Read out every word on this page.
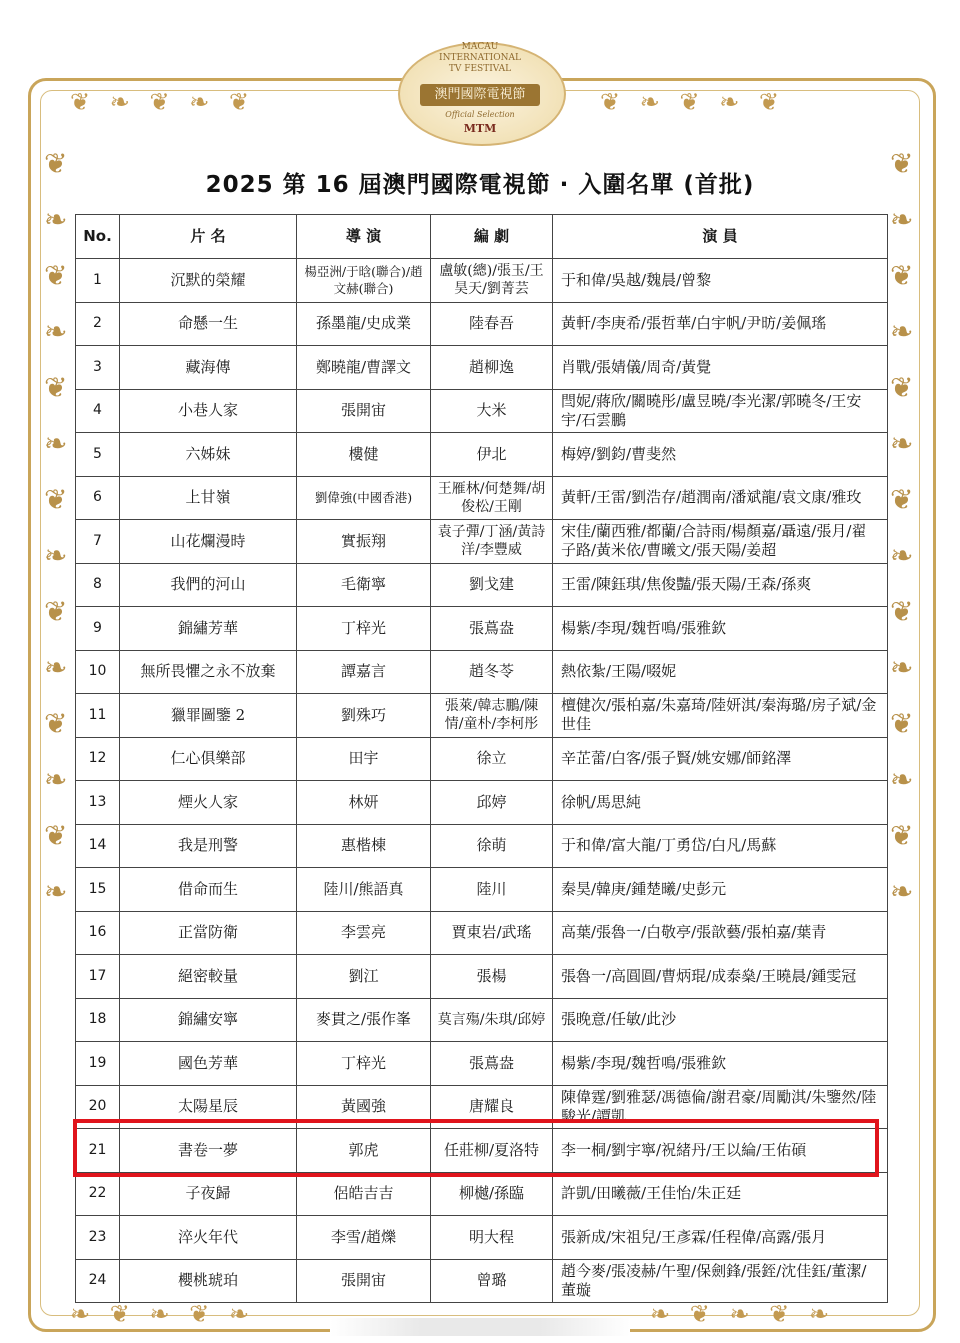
❦ ❧ ❦ ❧ ❦	❦ ❧ ❦ ❧ ❦
❦

❧

❦

❧

❦

❧

❦

❧

❦

❧

❦

❧

❦

❧
❦

❧

❦

❧

❦

❧

❦

❧

❦

❧

❦

❧

❦

❧
❧ ❦ ❧ ❦ ❧	❧ ❦ ❧ ❦ ❧
MACAU
INTERNATIONAL
TV FESTIVAL
澳門國際電視節
Official Selection
MTM
2025 第 16 屆澳門國際電視節 · 入圍名單 (首批)
No.	片 名	導 演	編 劇	演 員
1	沉默的榮耀	楊亞洲/于晗(聯合)/趙文赫(聯合)	盧敏(總)/張玉/王昊天/劉菁芸	于和偉/吳越/魏晨/曾黎
2	命懸一生	孫墨龍/史成業	陸春吾	黃軒/李庚希/張哲華/白宇帆/尹昉/姜佩瑤
3	藏海傳	鄭曉龍/曹譯文	趙柳逸	肖戰/張婧儀/周奇/黃覺
4	小巷人家	張開宙	大米	閆妮/蔣欣/關曉彤/盧昱曉/李光潔/郭曉冬/王安宇/石雲鵬
5	六姊妹	樓健	伊北	梅婷/劉鈞/曹斐然
6	上甘嶺	劉偉強(中國香港)	王雁林/何楚舞/胡俊松/王剛	黃軒/王雷/劉浩存/趙潤南/潘斌龍/袁文康/雅玫
7	山花爛漫時	實振翔	袁子彈/丁涵/黃詩洋/李豐威	宋佳/蘭西雅/都蘭/合詩雨/楊顏嘉/聶遠/張月/翟子路/黃米依/曹曦文/張天陽/姜超
8	我們的河山	毛衛寧	劉戈建	王雷/陳鈺琪/焦俊豔/張天陽/王森/孫爽
9	錦繡芳華	丁梓光	張蔦盎	楊紫/李現/魏哲鳴/張雅欽
10	無所畏懼之永不放棄	譚嘉言	趙冬苓	熱依紮/王陽/啜妮
11	獵罪圖鑒 2	劉殊巧	張萊/韓志鵬/陳情/童朴/李柯彤	檀健次/張柏嘉/朱嘉琦/陸妍淇/秦海璐/房子斌/金世佳
12	仁心俱樂部	田宇	徐立	辛芷蕾/白客/張子賢/姚安娜/師銘澤
13	煙火人家	林妍	邱婷	徐帆/馬思純
14	我是刑警	惠楷棟	徐萌	于和偉/富大龍/丁勇岱/白凡/馬蘇
15	借命而生	陸川/熊語真	陸川	秦昊/韓庚/鍾楚曦/史彭元
16	正當防衛	李雲亮	賈東岩/武瑤	高葉/張魯一/白敬亭/張歆藝/張柏嘉/葉青
17	絕密較量	劉江	張楊	張魯一/高圓圓/曹炳琨/成泰燊/王曉晨/鍾雯冠
18	錦繡安寧	麥貫之/張作峯	莫言殤/朱琪/邱婷	張晚意/任敏/此沙
19	國色芳華	丁梓光	張蔦盎	楊紫/李現/魏哲鳴/張雅欽
20	太陽星辰	黃國強	唐耀良	陳偉霆/劉雅瑟/馮德倫/謝君豪/周勵淇/朱鑒然/陸駿光/譚凱
21	書卷一夢	郭虎	任莊柳/夏洛特	李一桐/劉宇寧/祝緒丹/王以綸/王佑碩
22	子夜歸	侶皓吉吉	柳樾/孫臨	許凱/田曦薇/王佳怡/朱正廷
23	淬火年代	李雪/趙爍	明大程	張新成/宋祖兒/王彥霖/任程偉/高露/張月
24	櫻桃琥珀	張開宙	曾璐	趙今麥/張凌赫/午聖/保劍鋒/張銍/沈佳鈺/董潔/董璇
